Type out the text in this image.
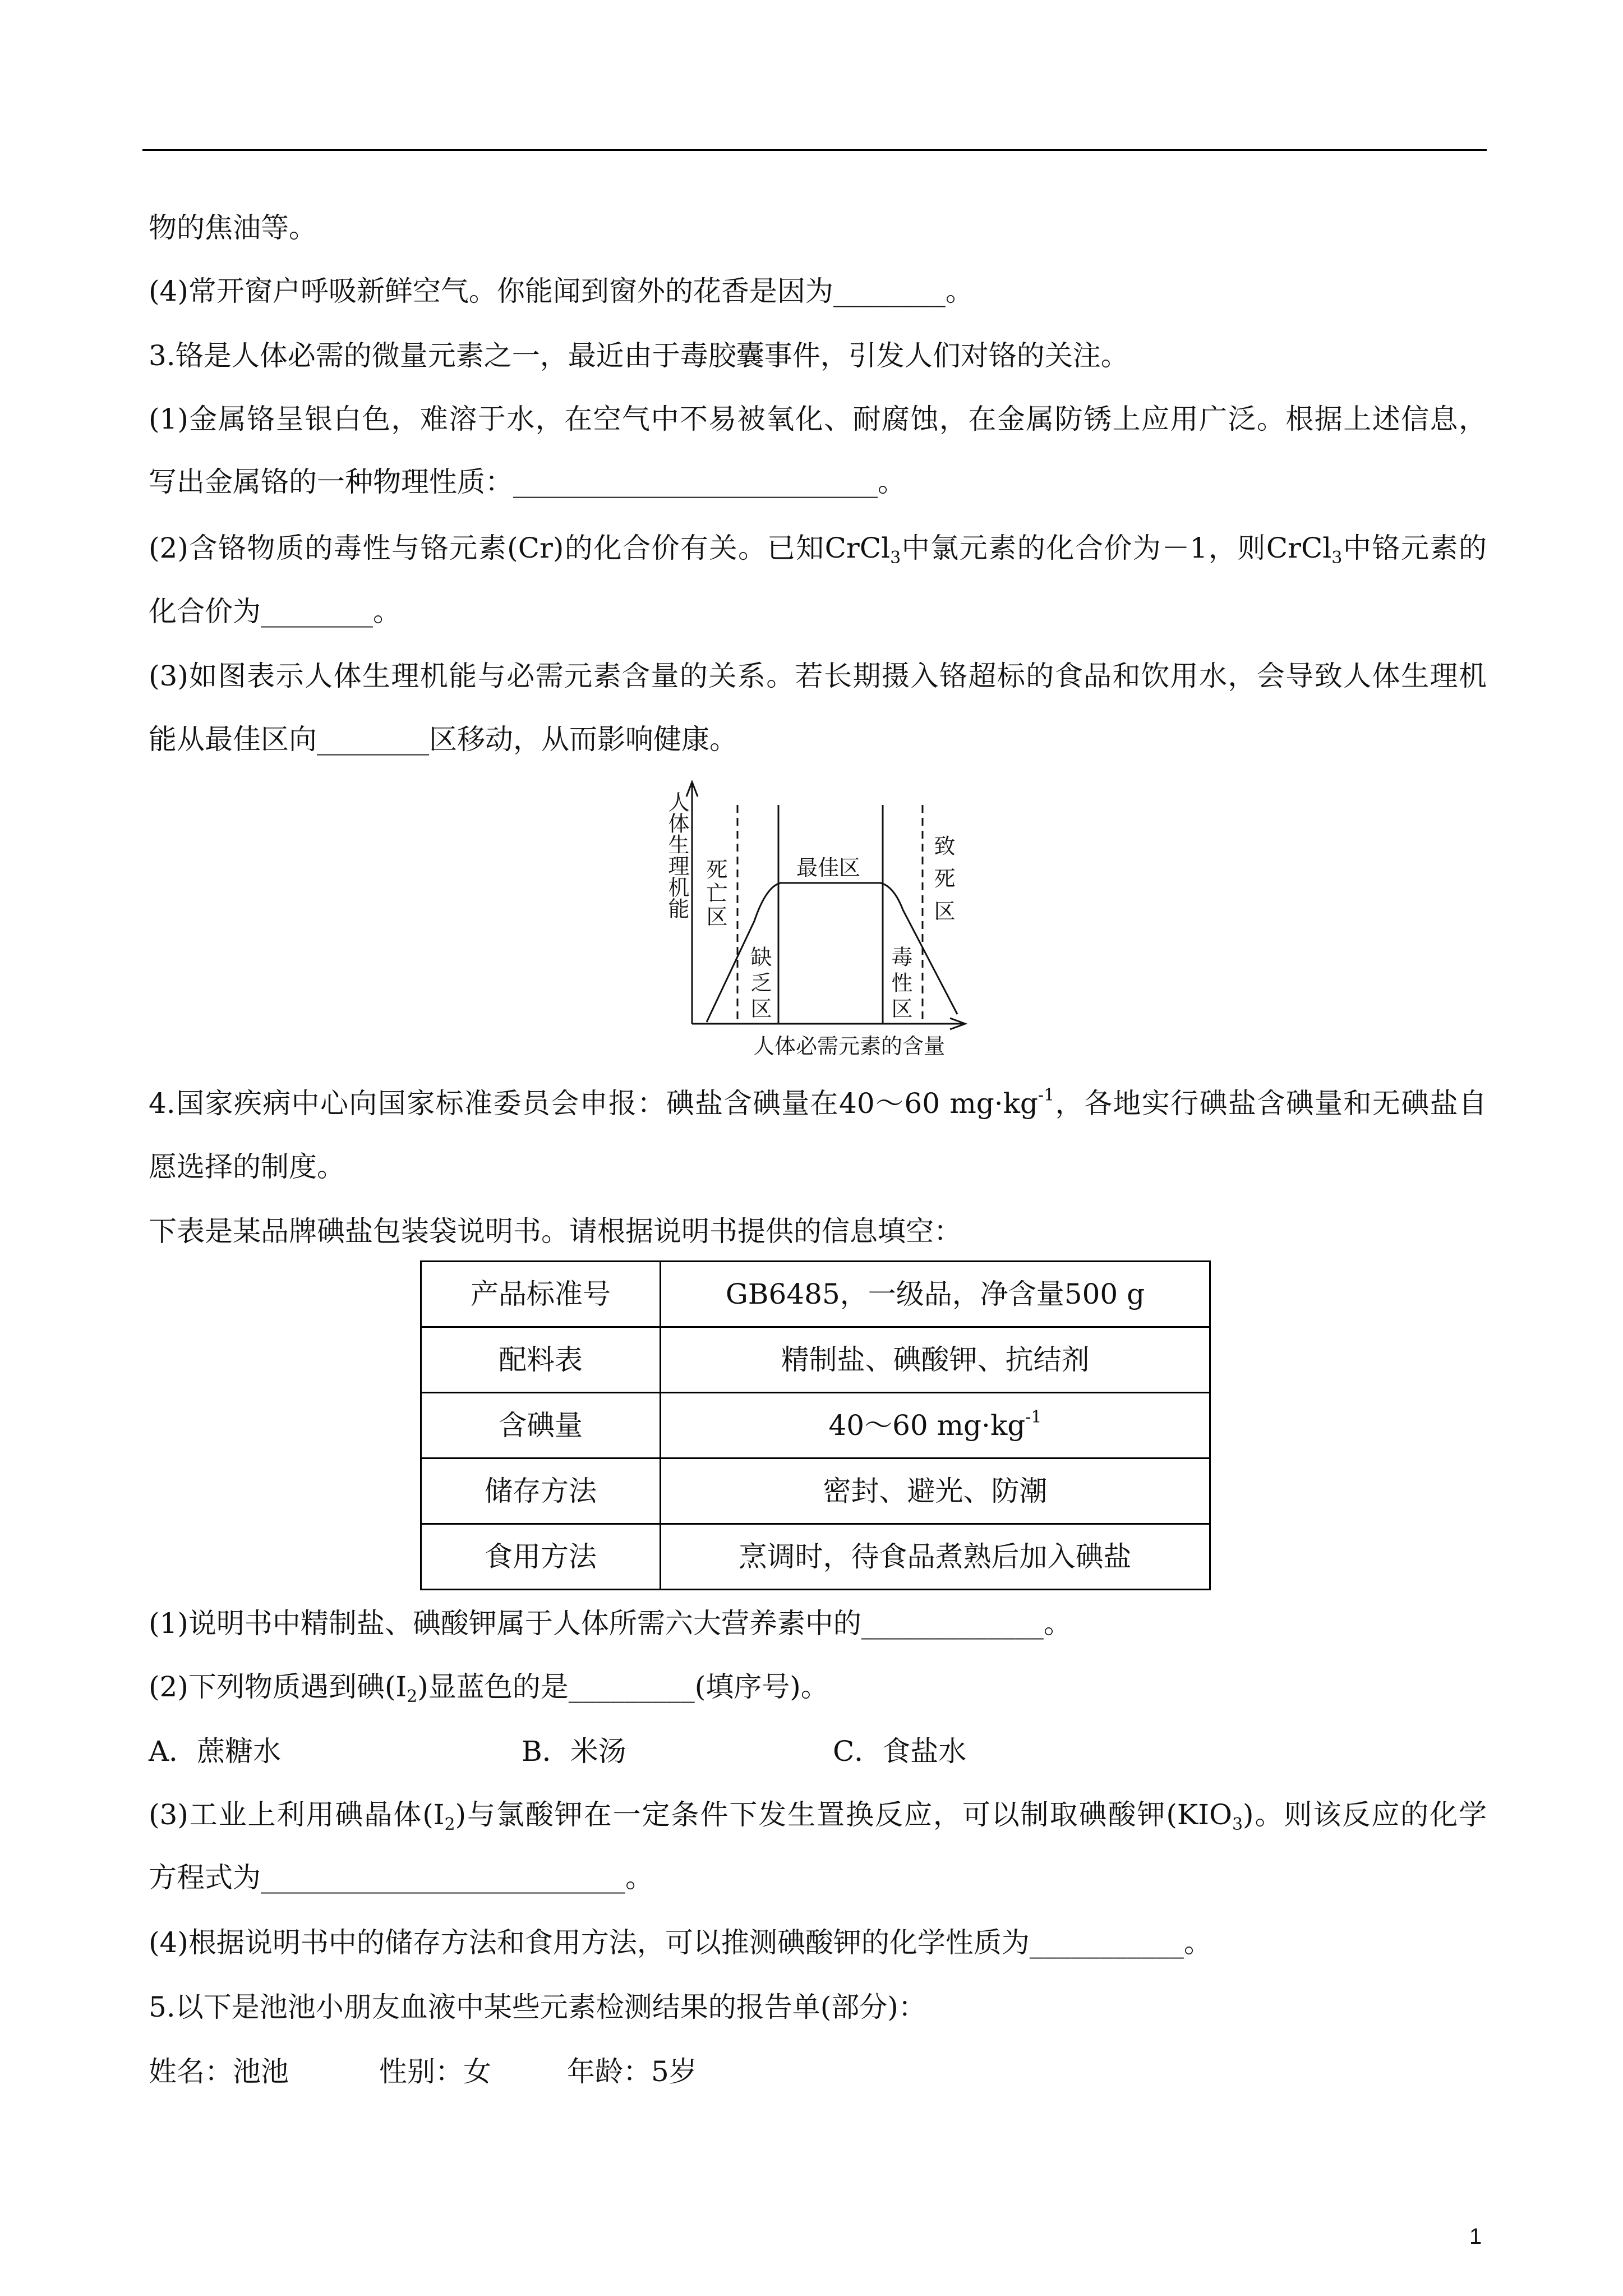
物的焦油等。
(4)常开窗户呼吸新鲜空气。你能闻到窗外的花香是因为________。
3.铬是人体必需的微量元素之一，最近由于毒胶囊事件，引发人们对铬的关注。
(1)金属铬呈银白色，难溶于水，在空气中不易被氧化、耐腐蚀，在金属防锈上应用广泛。根据上述信息，
写出金属铬的一种物理性质：__________________________。
(2)含铬物质的毒性与铬元素(Cr)的化合价有关。已知CrCl$_3$中氯元素的化合价为－1，则CrCl$_3$中铬元素的
化合价为________。
(3)如图表示人体生理机能与必需元素含量的关系。若长期摄入铬超标的食品和饮用水，会导致人体生理机
能从最佳区向________区移动，从而影响健康。
人体生理机能
人体必需元素的含量
死亡区	最佳区	致死区
缺乏区	毒性区
4.国家疾病中心向国家标准委员会申报：碘盐含碘量在40～60 $mg\cdot kg^{-1}$，各地实行碘盐含碘量和无碘盐自
愿选择的制度。
下表是某品牌碘盐包装袋说明书。请根据说明书提供的信息填空：
产品标准号	GB6485，一级品，净含量500 g
配料表	精制盐、碘酸钾、抗结剂
含碘量	40～60 $mg\cdot kg^{-1}$
储存方法	密封、避光、防潮
食用方法	烹调时，待食品煮熟后加入碘盐
(1)说明书中精制盐、碘酸钾属于人体所需六大营养素中的_____________。
(2)下列物质遇到碘$(I_2)$显蓝色的是_________(填序号)。
A．蔗糖水	B．米汤	C．食盐水
(3)工业上利用碘晶体$(I_2)$与氯酸钾在一定条件下发生置换反应，可以制取碘酸钾$(KIO_3)$。则该反应的化学
方程式为__________________________。
(4)根据说明书中的储存方法和食用方法，可以推测碘酸钾的化学性质为___________。
5.以下是池池小朋友血液中某些元素检测结果的报告单(部分)：
姓名：池池	性别：女	年龄：5岁
1
